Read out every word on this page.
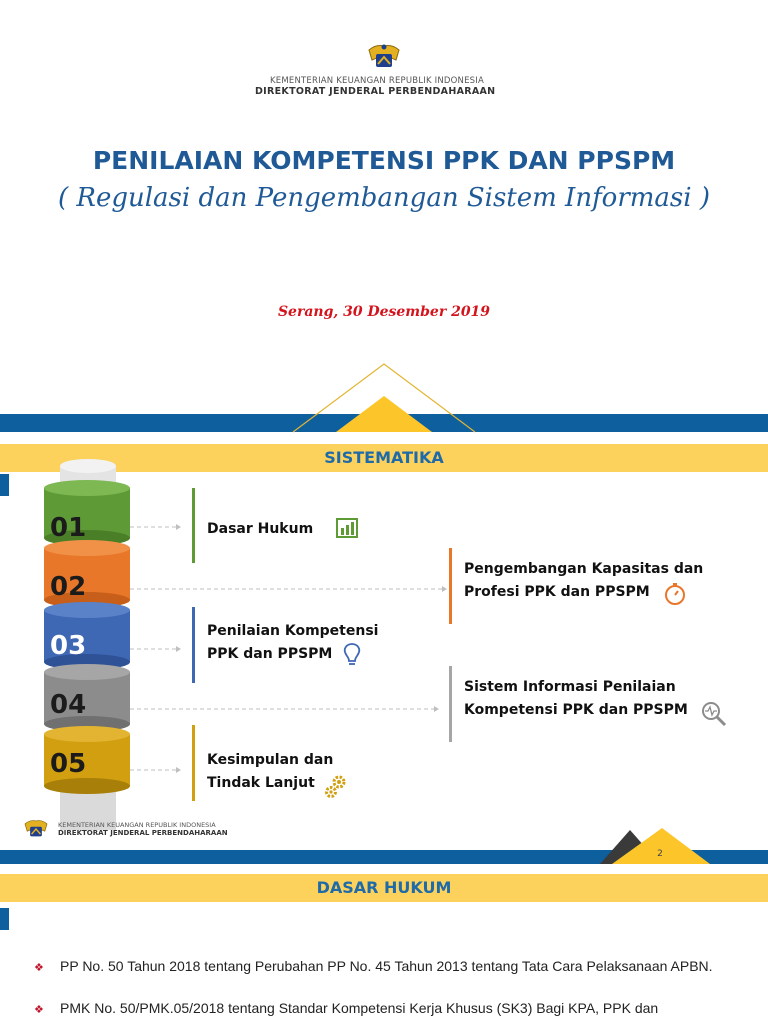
KEMENTERIAN KEUANGAN REPUBLIK INDONESIA
DIREKTORAT JENDERAL PERBENDAHARAAN
PENILAIAN KOMPETENSI PPK DAN PPSPM
( Regulasi dan Pengembangan Sistem Informasi )
Serang, 30 Desember 2019
SISTEMATIKA
01
02
03
04
05
Dasar Hukum
Pengembangan Kapasitas dan
Profesi PPK dan PPSPM
Penilaian Kompetensi
PPK dan PPSPM
Sistem Informasi Penilaian
Kompetensi PPK dan PPSPM
Kesimpulan dan
Tindak Lanjut
KEMENTERIAN KEUANGAN REPUBLIK INDONESIA
DIREKTORAT JENDERAL PERBENDAHARAAN
2
DASAR HUKUM
❖ PP No. 50 Tahun 2018 tentang Perubahan PP No. 45 Tahun 2013 tentang Tata Cara Pelaksanaan APBN.
❖ PMK No. 50/PMK.05/2018 tentang Standar Kompetensi Kerja Khusus (SK3) Bagi KPA, PPK dan
